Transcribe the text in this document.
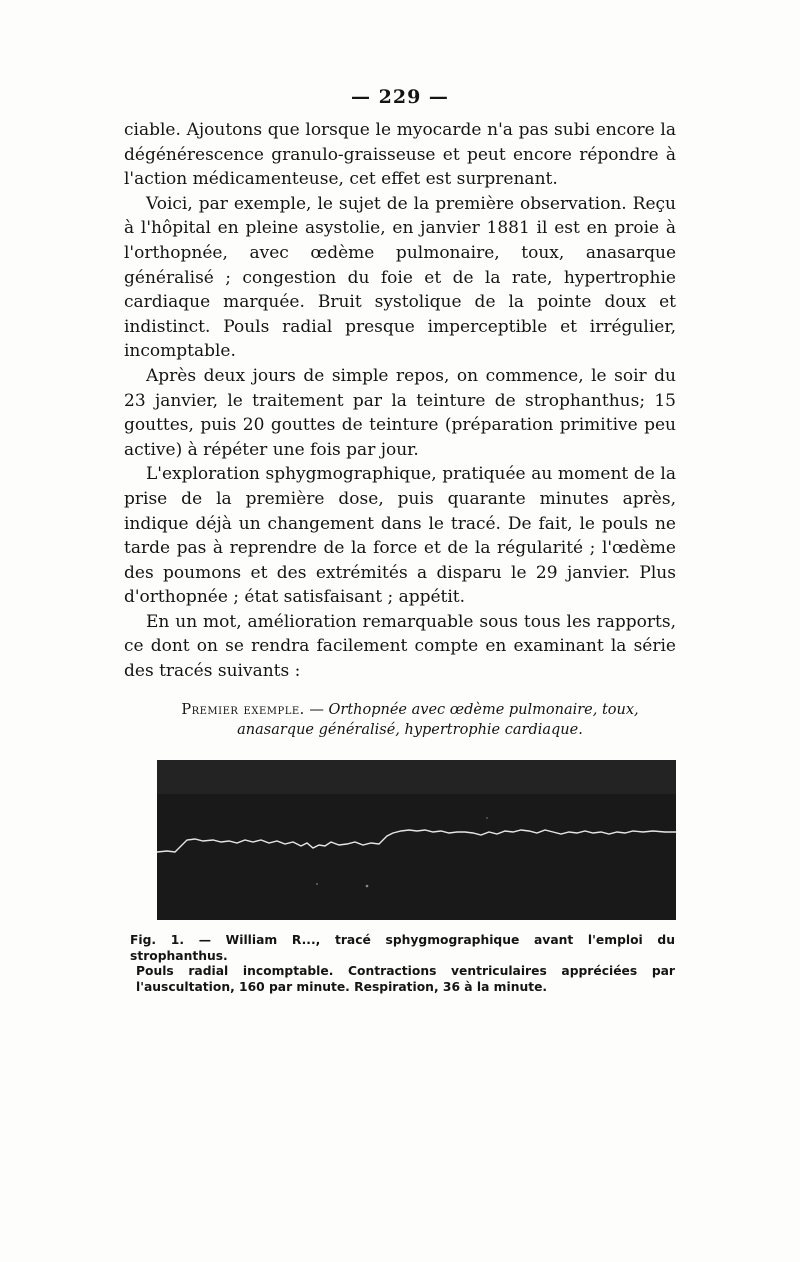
— 229 —

ciable. Ajoutons que lorsque le myocarde n'a pas subi encore la dégénérescence granulo-graisseuse et peut encore répondre à l'action médicamenteuse, cet effet est surprenant.

Voici, par exemple, le sujet de la première observation. Reçu à l'hôpital en pleine asystolie, en janvier 1881 il est en proie à l'orthopnée, avec œdème pulmonaire, toux, anasarque généralisé ; congestion du foie et de la rate, hypertrophie cardiaque marquée. Bruit systolique de la pointe doux et indistinct. Pouls radial presque imperceptible et irrégulier, incomptable.

Après deux jours de simple repos, on commence, le soir du 23 janvier, le traitement par la teinture de strophanthus; 15 gouttes, puis 20 gouttes de teinture (préparation primitive peu active) à répéter une fois par jour.

L'exploration sphygmographique, pratiquée au moment de la prise de la première dose, puis quarante minutes après, indique déjà un changement dans le tracé. De fait, le pouls ne tarde pas à reprendre de la force et de la régularité ; l'œdème des poumons et des extrémités a disparu le 29 janvier. Plus d'orthopnée ; état satisfaisant ; appétit.

En un mot, amélioration remarquable sous tous les rapports, ce dont on se rendra facilement compte en examinant la série des tracés suivants :

Premier exemple. — Orthopnée avec œdème pulmonaire, toux, anasarque généralisé, hypertrophie cardiaque.

Fig. 1. — William R..., tracé sphygmographique avant l'emploi du strophanthus.
Pouls radial incomptable. Contractions ventriculaires appréciées par l'auscultation, 160 par minute. Respiration, 36 à la minute.
